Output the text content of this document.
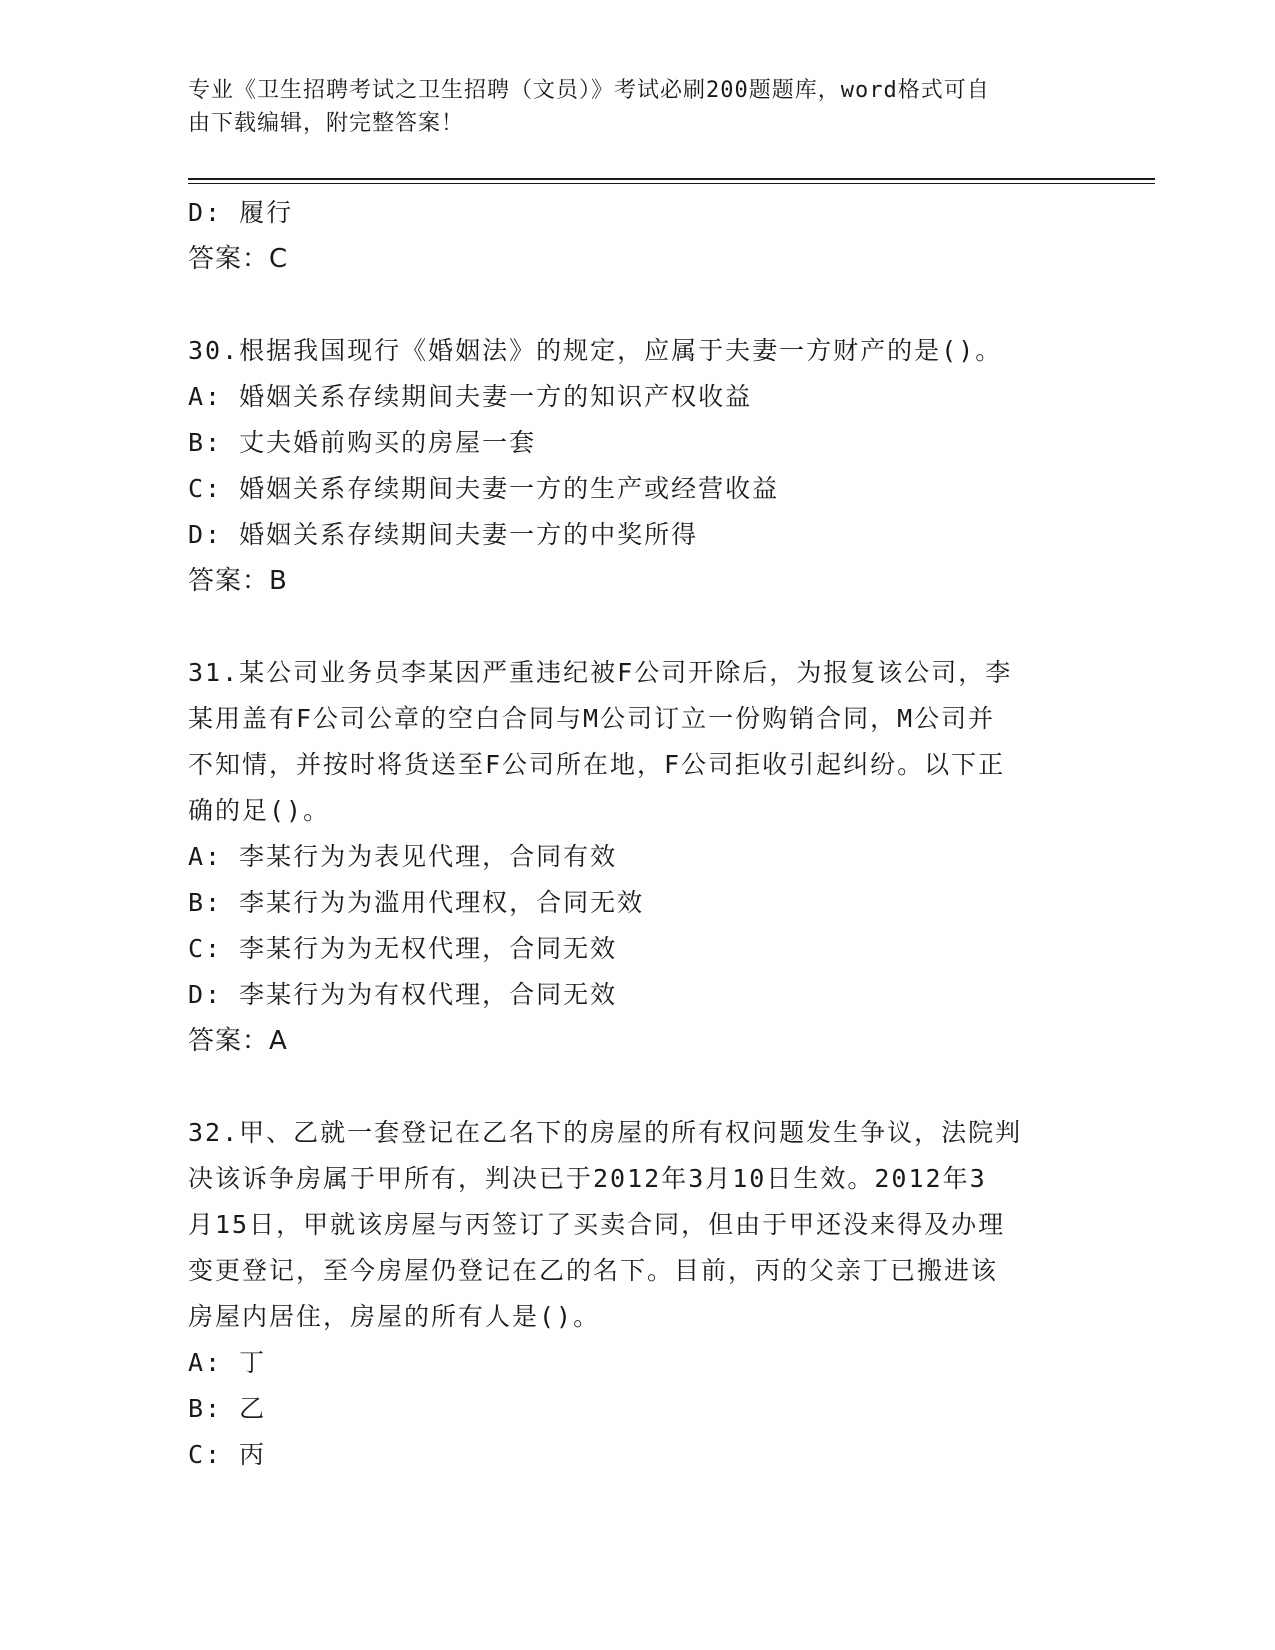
专业《卫生招聘考试之卫生招聘（文员）》考试必刷200题题库，word格式可自
由下载编辑，附完整答案！
D: 履行
答案：C
30.根据我国现行《婚姻法》的规定，应属于夫妻一方财产的是()。
A: 婚姻关系存续期间夫妻一方的知识产权收益
B: 丈夫婚前购买的房屋一套
C: 婚姻关系存续期间夫妻一方的生产或经营收益
D: 婚姻关系存续期间夫妻一方的中奖所得
答案：B
31.某公司业务员李某因严重违纪被F公司开除后，为报复该公司，李
某用盖有F公司公章的空白合同与M公司订立一份购销合同，M公司并
不知情，并按时将货送至F公司所在地，F公司拒收引起纠纷。以下正
确的足()。
A: 李某行为为表见代理，合同有效
B: 李某行为为滥用代理权，合同无效
C: 李某行为为无权代理，合同无效
D: 李某行为为有权代理，合同无效
答案：A
32.甲、乙就一套登记在乙名下的房屋的所有权问题发生争议，法院判
决该诉争房属于甲所有，判决已于2012年3月10日生效。2012年3
月15日，甲就该房屋与丙签订了买卖合同，但由于甲还没来得及办理
变更登记，至今房屋仍登记在乙的名下。目前，丙的父亲丁已搬进该
房屋内居住，房屋的所有人是()。
A: 丁
B: 乙
C: 丙
